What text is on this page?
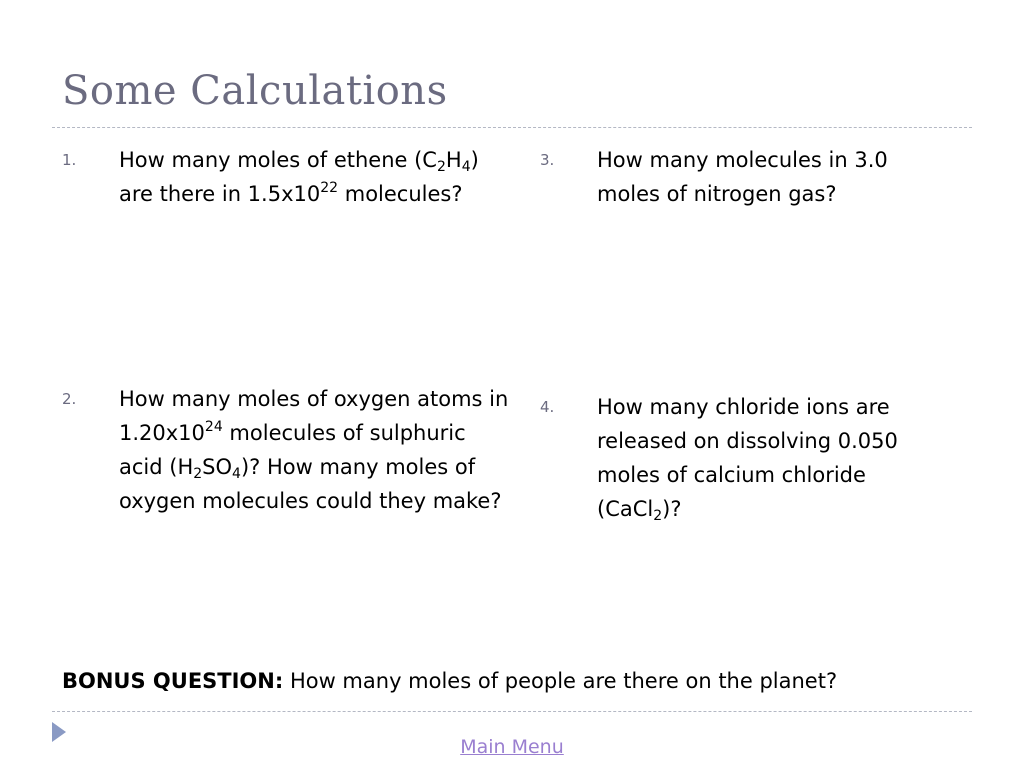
Some Calculations
1. How many moles of ethene $(C_2H_4)$ are there in $1.5x10^{22}$ molecules?
2. How many moles of oxygen atoms in $1.20x10^{24}$ molecules of sulphuric acid $(H_2SO_4)$? How many moles of oxygen molecules could they make?
3. How many molecules in 3.0 moles of nitrogen gas?
4. How many chloride ions are released on dissolving 0.050 moles of calcium chloride (CaCl$_2$)?
BONUS QUESTION: How many moles of people are there on the planet?
Main Menu
